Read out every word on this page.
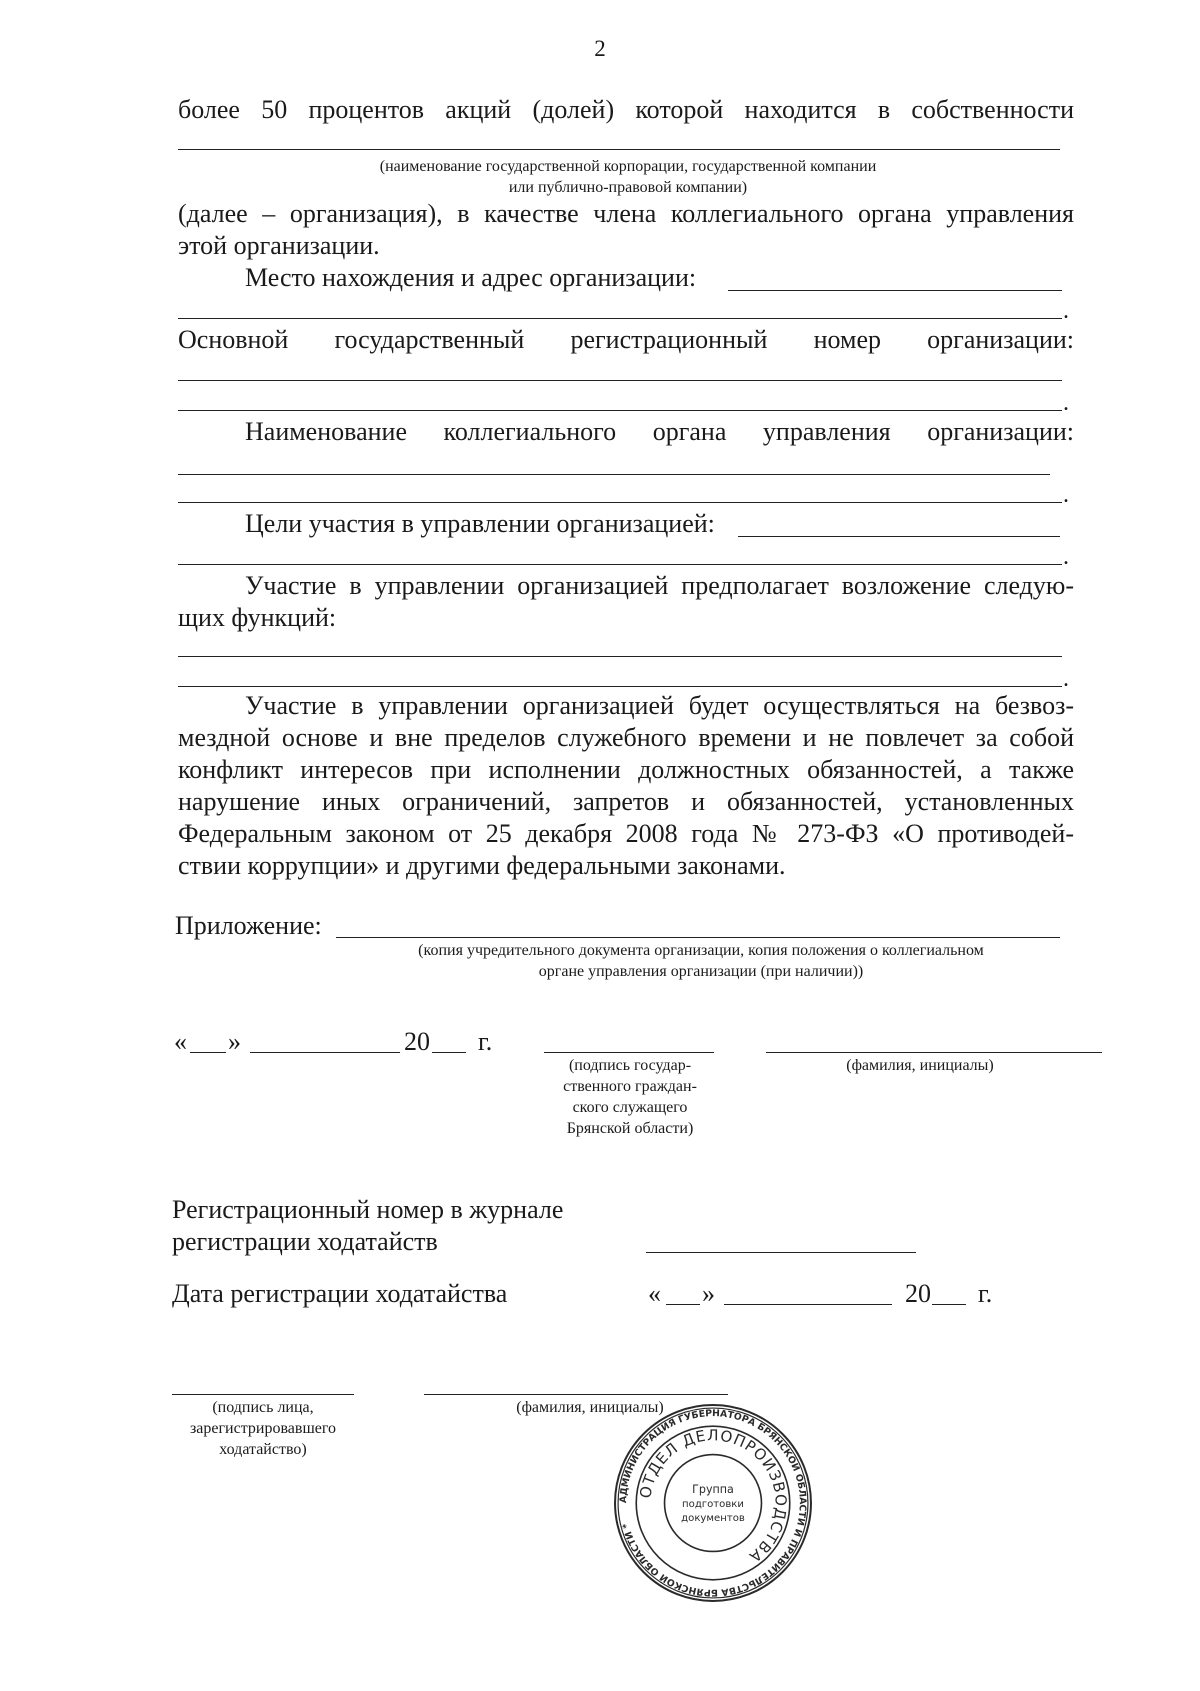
2
более 50 процентов акций (долей) которой находится в собственности
(наименование государственной корпорации, государственной компании
или публично-правовой компании)
(далее – организация), в качестве члена коллегиального органа управления
этой организации.
Место нахождения и адрес организации:
.
Основной государственный регистрационный номер организации:
.
Наименование коллегиального органа управления организации:
.
Цели участия в управлении организацией:
.
Участие в управлении организацией предполагает возложение следую-
щих функций:
.
Участие в управлении организацией будет осуществляться на безвоз-
мездной основе и вне пределов служебного времени и не повлечет за собой
конфликт интересов при исполнении должностных обязанностей, а также
нарушение иных ограничений, запретов и обязанностей, установленных
Федеральным законом от 25 декабря 2008 года № 273-ФЗ «О противодей-
ствии коррупции» и другими федеральными законами.
Приложение:
(копия учредительного документа организации, копия положения о коллегиальном
органе управления организации (при наличии))
« »	20 г.
(подпись государ-
ственного граждан-
ского служащего
Брянской области)
(фамилия, инициалы)
Регистрационный номер в журнале
регистрации ходатайств
Дата регистрации ходатайства	« »	20 г.
(подпись лица,
зарегистрировавшего
ходатайство)
(фамилия, инициалы)
АДМИНИСТРАЦИЯ ГУБЕРНАТОРА БРЯНСКОЙ ОБЛАСТИ И ПРАВИТЕЛЬСТВА БРЯНСКОЙ ОБЛАСТИ *
ОТДЕЛ ДЕЛОПРОИЗВОДСТВА
Группа
подготовки
документов
